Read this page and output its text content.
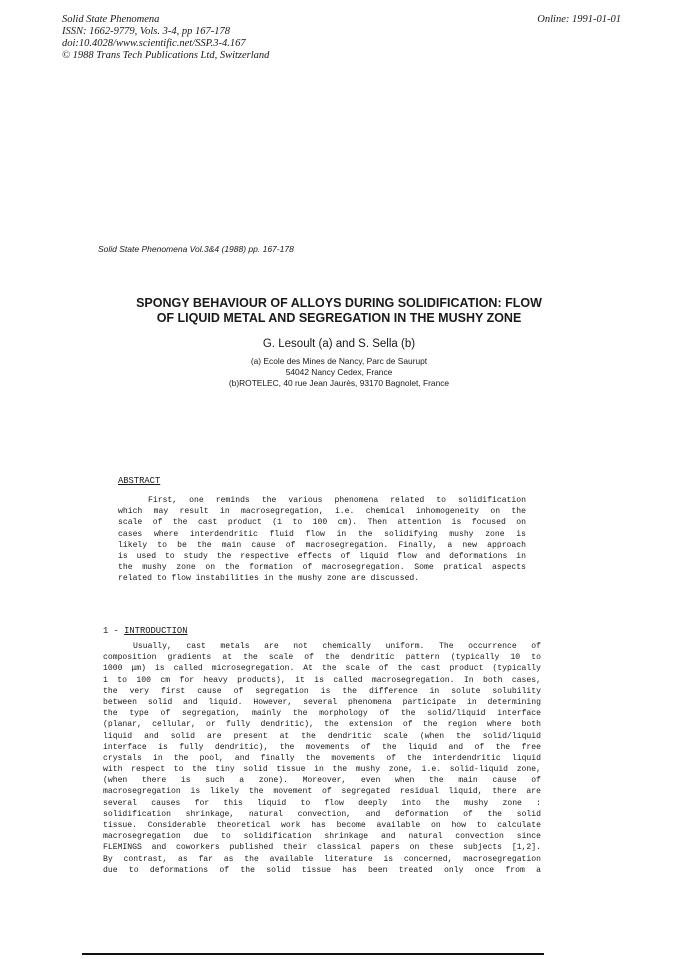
Solid State Phenomena
ISSN: 1662-9779, Vols. 3-4, pp 167-178
doi:10.4028/www.scientific.net/SSP.3-4.167
© 1988 Trans Tech Publications Ltd, Switzerland
Online: 1991-01-01
Solid State Phenomena Vol.3&4 (1988) pp. 167-178
SPONGY BEHAVIOUR OF ALLOYS DURING SOLIDIFICATION: FLOW
OF LIQUID METAL AND SEGREGATION IN THE MUSHY ZONE
G. Lesoult (a) and S. Sella (b)
(a) Ecole des Mines de Nancy, Parc de Saurupt
54042 Nancy Cedex, France
(b)ROTELEC, 40 rue Jean Jaurès, 93170 Bagnolet, France
ABSTRACT
First, one reminds the various phenomena related to solidification
which may result in macrosegregation, i.e. chemical inhomogeneity on the
scale of the cast product (1 to 100 cm). Then attention is focused on
cases where interdendritic fluid flow in the solidifying mushy zone is
likely to be the main cause of macrosegregation. Finally, a new approach
is used to study the respective effects of liquid flow and deformations in
the mushy zone on the formation of macrosegregation. Some pratical aspects
related to flow instabilities in the mushy zone are discussed.
1 - INTRODUCTION
Usually, cast metals are not chemically uniform. The occurrence of
composition gradients at the scale of the dendritic pattern (typically 10 to
1000 μm) is called microsegregation. At the scale of the cast product (typically
1 to 100 cm for heavy products), it is called macrosegregation. In both cases,
the very first cause of segregation is the difference in solute solubility
between solid and liquid. However, several phenomena participate in determining
the type of segregation, mainly the morphology of the solid/liquid interface
(planar, cellular, or fully dendritic), the extension of the region where both
liquid and solid are present at the dendritic scale (when the solid/liquid
interface is fully dendritic), the movements of the liquid and of the free
crystals in the pool, and finally the movements of the interdendritic liquid
with respect to the tiny solid tissue in the mushy zone, i.e. solid-liquid zone,
(when there is such a zone). Moreover, even when the main cause of
macrosegregation is likely the movement of segregated residual liquid, there are
several causes for this liquid to flow deeply into the mushy zone :
solidification shrinkage, natural convection, and deformation of the solid
tissue. Considerable theoretical work has become available on how to calculate
macrosegregation due to solidification shrinkage and natural convection since
FLEMINGS and coworkers published their classical papers on these subjects [1,2].
By contrast, as far as the available literature is concerned, macrosegregation
due to deformations of the solid tissue has been treated only once from a
